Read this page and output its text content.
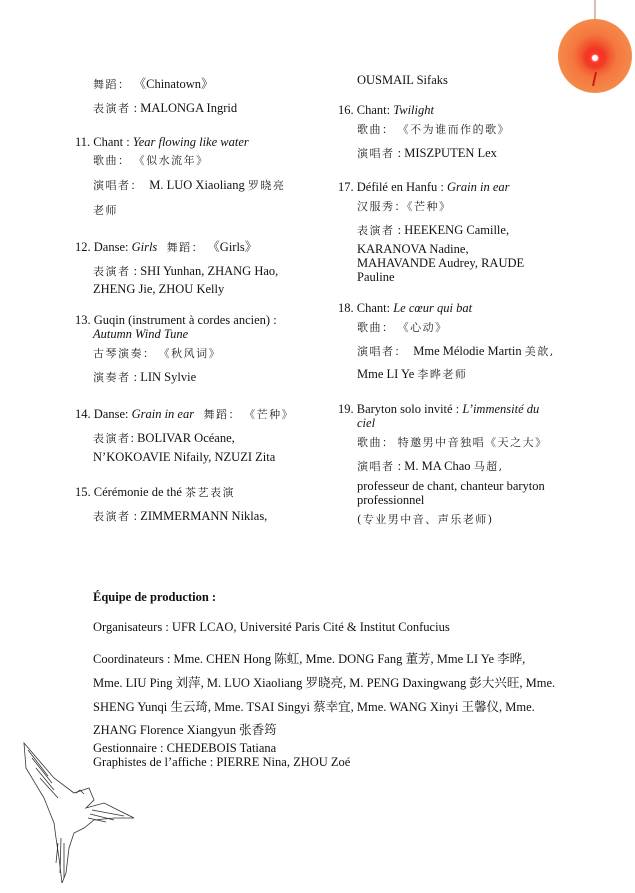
舞蹈： 《Chinatown》
表演者 : MALONGA Ingrid
11. Chant : Year flowing like water
歌曲： 《似水流年》
演唱者： M. LUO Xiaoliang 罗晓亮
老师
12. Danse: Girls 舞蹈： 《Girls》
表演者 : SHI Yunhan, ZHANG Hao,
ZHENG Jie, ZHOU Kelly
13. Guqin (instrument à cordes ancien) :
Autumn Wind Tune
古琴演奏： 《秋风词》
演奏者 : LIN Sylvie
14. Danse: Grain in ear 舞蹈： 《芒种》
表演者: BOLIVAR Océane,
N’KOKOAVIE Nifaily, NZUZI Zita
15. Cérémonie de thé 茶艺表演
表演者 : ZIMMERMANN Niklas,
OUSMAIL Sifaks
16. Chant: Twilight
歌曲： 《不为谁而作的歌》
演唱者 : MISZPUTEN Lex
17. Défilé en Hanfu : Grain in ear
汉服秀：《芒种》
表演者 : HEEKENG Camille,
KARANOVA Nadine,
MAHAVANDE Audrey, RAUDE
Pauline
18. Chant: Le cœur qui bat
歌曲： 《心动》
演唱者： Mme Mélodie Martin 美歆,
Mme LI Ye 李晔老师
19. Baryton solo invité : L’immensité du
ciel
歌曲： 特邀男中音独唱《天之大》
演唱者 : M. MA Chao 马超,
professeur de chant, chanteur baryton
professionnel
(专业男中音、声乐老师)
Équipe de production :
Organisateurs : UFR LCAO, Université Paris Cité & Institut Confucius
Coordinateurs : Mme. CHEN Hong 陈虹, Mme. DONG Fang 董芳, Mme LI Ye 李晔,
Mme. LIU Ping 刘萍, M. LUO Xiaoliang 罗晓亮, M. PENG Daxingwang 彭大兴旺, Mme.
SHENG Yunqi 生云琦, Mme. TSAI Singyi 蔡幸宜, Mme. WANG Xinyi 王馨仪, Mme.
ZHANG Florence Xiangyun 张香筠
Gestionnaire : CHEDEBOIS Tatiana
Graphistes de l’affiche : PIERRE Nina, ZHOU Zoé
